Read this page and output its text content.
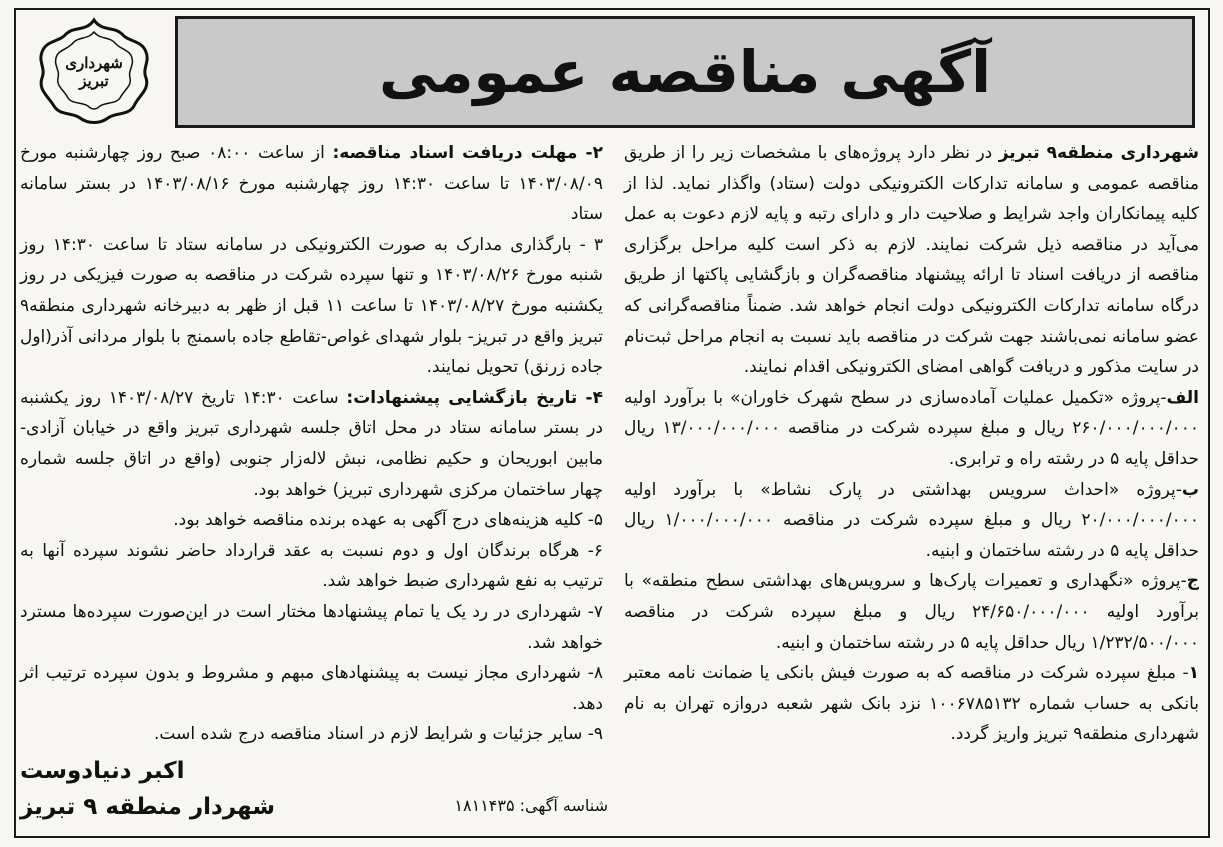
شهرداری
تبریز	آگهی مناقصه عمومی

شهرداری منطقه۹ تبریز در نظر دارد پروژه‌های با مشخصات زیر را از طریق مناقصه عمومی و سامانه تدارکات الکترونیکی دولت (ستاد) واگذار نماید. لذا از کلیه پیمانکاران واجد شرایط و صلاحیت دار و دارای رتبه و پایه لازم دعوت به عمل می‌آید در مناقصه ذیل شرکت نمایند. لازم به ذکر است کلیه مراحل برگزاری مناقصه از دریافت اسناد تا ارائه پیشنهاد مناقصه‌گران و بازگشایی پاکتها از طریق درگاه سامانه تدارکات الکترونیکی دولت انجام خواهد شد. ضمناً مناقصه‌گرانی که عضو سامانه نمی‌باشند جهت شرکت در مناقصه باید نسبت به انجام مراحل ثبت‌نام در سایت مذکور و دریافت گواهی امضای الکترونیکی اقدام نمایند.

الف-پروژه «تکمیل عملیات آماده‌سازی در سطح شهرک خاوران» با برآورد اولیه ۲۶۰/۰۰۰/۰۰۰/۰۰۰ ریال و مبلغ سپرده شرکت در مناقصه ۱۳/۰۰۰/۰۰۰/۰۰۰ ریال حداقل پایه ۵ در رشته راه و ترابری.

ب-پروژه «احداث سرویس بهداشتی در پارک نشاط» با برآورد اولیه ۲۰/۰۰۰/۰۰۰/۰۰۰ ریال و مبلغ سپرده شرکت در مناقصه ۱/۰۰۰/۰۰۰/۰۰۰ ریال حداقل پایه ۵ در رشته ساختمان و ابنیه.

ج-پروژه «نگهداری و تعمیرات پارک‌ها و سرویس‌های بهداشتی سطح منطقه» با برآورد اولیه ۲۴/۶۵۰/۰۰۰/۰۰۰ ریال و مبلغ سپرده شرکت در مناقصه ۱/۲۳۲/۵۰۰/۰۰۰ ریال حداقل پایه ۵ در رشته ساختمان و ابنیه.

۱- مبلغ سپرده شرکت در مناقصه که به صورت فیش بانکی یا ضمانت نامه معتبر بانکی به حساب شماره ۱۰۰۶۷۸۵۱۳۲ نزد بانک شهر شعبه دروازه تهران به نام شهرداری منطقه۹ تبریز واریز گردد.

۲- مهلت دریافت اسناد مناقصه: از ساعت ۰۸:۰۰ صبح روز چهارشنبه مورخ ۱۴۰۳/۰۸/۰۹ تا ساعت ۱۴:۳۰ روز چهارشنبه مورخ ۱۴۰۳/۰۸/۱۶ در بستر سامانه ستاد

۳ - بارگذاری مدارک به صورت الکترونیکی در سامانه ستاد تا ساعت ۱۴:۳۰ روز شنبه مورخ ۱۴۰۳/۰۸/۲۶ و تنها سپرده شرکت در مناقصه به صورت فیزیکی در روز یکشنبه مورخ ۱۴۰۳/۰۸/۲۷ تا ساعت ۱۱ قبل از ظهر به دبیرخانه شهرداری منطقه۹ تبریز واقع در تبریز- بلوار شهدای غواص-تقاطع جاده باسمنج با بلوار مردانی آذر(اول جاده زرنق) تحویل نمایند.

۴- تاریخ بازگشایی پیشنهادات: ساعت ۱۴:۳۰ تاریخ ۱۴۰۳/۰۸/۲۷ روز یکشنبه در بستر سامانه ستاد در محل اتاق جلسه شهرداری تبریز واقع در خیابان آزادی- مابین ابوریحان و حکیم نظامی، نبش لاله‌زار جنوبی (واقع در اتاق جلسه شماره چهار ساختمان مرکزی شهرداری تبریز) خواهد بود.

۵- کلیه هزینه‌های درج آگهی به عهده برنده مناقصه خواهد بود.

۶- هرگاه برندگان اول و دوم نسبت به عقد قرارداد حاضر نشوند سپرده آنها به ترتیب به نفع شهرداری ضبط خواهد شد.

۷- شهرداری در رد یک یا تمام پیشنهادها مختار است در این‌صورت سپرده‌ها مسترد خواهد شد.

۸- شهرداری مجاز نیست به پیشنهادهای مبهم و مشروط و بدون سپرده ترتیب اثر دهد.

۹- سایر جزئیات و شرایط لازم در اسناد مناقصه درج شده است.

اکبر دنیادوست
شهردار منطقه ۹ تبریز	شناسه آگهی: ۱۸۱۱۴۳۵
